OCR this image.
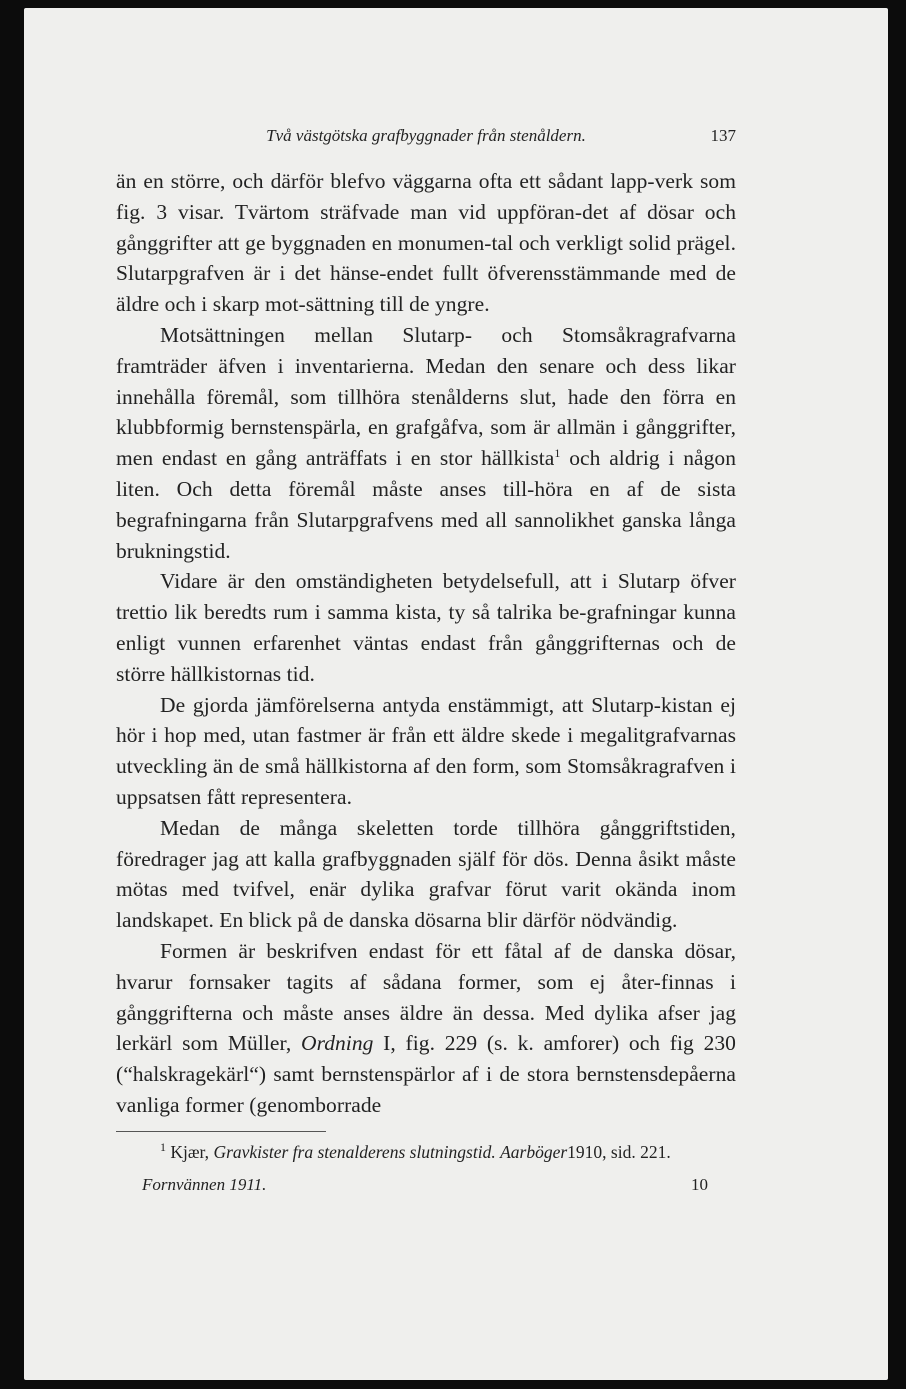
Två västgötska grafbyggnader från stenåldern.	137

än en större, och därför blefvo väggarna ofta ett sådant lapp-verk som fig. 3 visar. Tvärtom sträfvade man vid uppföran-det af dösar och gånggrifter att ge byggnaden en monumen-tal och verkligt solid prägel. Slutarpgrafven är i det hänse-endet fullt öfverensstämmande med de äldre och i skarp mot-sättning till de yngre.

Motsättningen mellan Slutarp- och Stomsåkragrafvarna framträder äfven i inventarierna. Medan den senare och dess likar innehålla föremål, som tillhöra stenålderns slut, hade den förra en klubbformig bernstenspärla, en grafgåfva, som är allmän i gånggrifter, men endast en gång anträffats i en stor hällkista$^1$ och aldrig i någon liten. Och detta föremål måste anses till-höra en af de sista begrafningarna från Slutarpgrafvens med all sannolikhet ganska långa brukningstid.

Vidare är den omständigheten betydelsefull, att i Slutarp öfver trettio lik beredts rum i samma kista, ty så talrika be-grafningar kunna enligt vunnen erfarenhet väntas endast från gånggrifternas och de större hällkistornas tid.

De gjorda jämförelserna antyda enstämmigt, att Slutarp-kistan ej hör i hop med, utan fastmer är från ett äldre skede i megalitgrafvarnas utveckling än de små hällkistorna af den form, som Stomsåkragrafven i uppsatsen fått representera.

Medan de många skeletten torde tillhöra gånggriftstiden, föredrager jag att kalla grafbyggnaden själf för dös. Denna åsikt måste mötas med tvifvel, enär dylika grafvar förut varit okända inom landskapet. En blick på de danska dösarna blir därför nödvändig.

Formen är beskrifven endast för ett fåtal af de danska dösar, hvarur fornsaker tagits af sådana former, som ej åter-finnas i gånggrifterna och måste anses äldre än dessa. Med dylika afser jag lerkärl som Müller, Ordning I, fig. 229 (s. k. amforer) och fig 230 (“halskragekärl“) samt bernstenspärlor af i de stora bernstensdepåerna vanliga former (genomborrade

$^1$ Kjær, Gravkister fra stenalderens slutningstid. Aarböger1910, sid. 221.
Fornvännen 1911.	10
